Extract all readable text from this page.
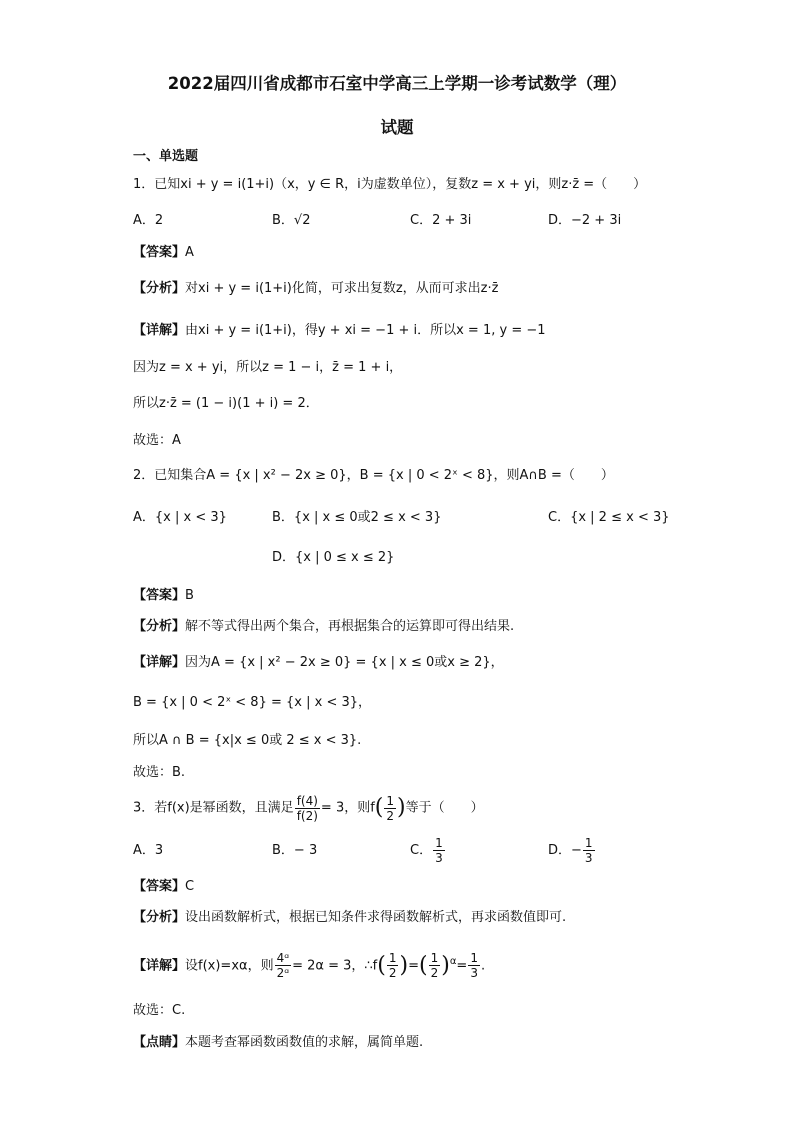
2022届四川省成都市石室中学高三上学期一诊考试数学（理）
试题
一、单选题
1．已知xi + y = i(1+i)（x，y ∈ R，i为虚数单位），复数z = x + yi，则z·z̄ =（　　）
A．2	B．√2	C．2 + 3i	D．−2 + 3i
【答案】A
【分析】对xi + y = i(1+i)化简，可求出复数z，从而可求出z·z̄
【详解】由xi + y = i(1+i)，得y + xi = −1 + i．所以x = 1, y = −1
因为z = x + yi，所以z = 1 − i，z̄ = 1 + i，
所以z·z̄ = (1 − i)(1 + i) = 2．
故选：A
2．已知集合A = {x | x² − 2x ≥ 0}，B = {x | 0 < 2ˣ < 8}，则A∩B =（　　）
A．{x | x < 3}	B．{x | x ≤ 0或2 ≤ x < 3}	C．{x | 2 ≤ x < 3}
D．{x | 0 ≤ x ≤ 2}
【答案】B
【分析】解不等式得出两个集合，再根据集合的运算即可得出结果.
【详解】因为A = {x | x² − 2x ≥ 0} = {x | x ≤ 0或x ≥ 2}，
B = {x | 0 < 2ˣ < 8} = {x | x < 3}，
所以A ∩ B = {x|x ≤ 0或 2 ≤ x < 3}.
故选：B.
3．若f(x)是幂函数，且满足 $\frac{f(4)}{f(2)} = 3$，则$f( \frac{1}{2}$ )等于（　　）
A．3	B．− 3	C． $\frac{1}{3}$	D．− $\frac{1}{3}$
【答案】C
【分析】设出函数解析式，根据已知条件求得函数解析式，再求函数值即可.
【详解】设f(x)=xα，则 $\frac{\text{4ᵅ}}{\text{2ᵅ}} = 2\alpha = 3$，∴f( $\frac{1}{2}$ )=( $\frac{1}{2} )^\alpha= \frac{1}{3}$ .
故选：C.
【点睛】本题考查幂函数函数值的求解，属简单题.
